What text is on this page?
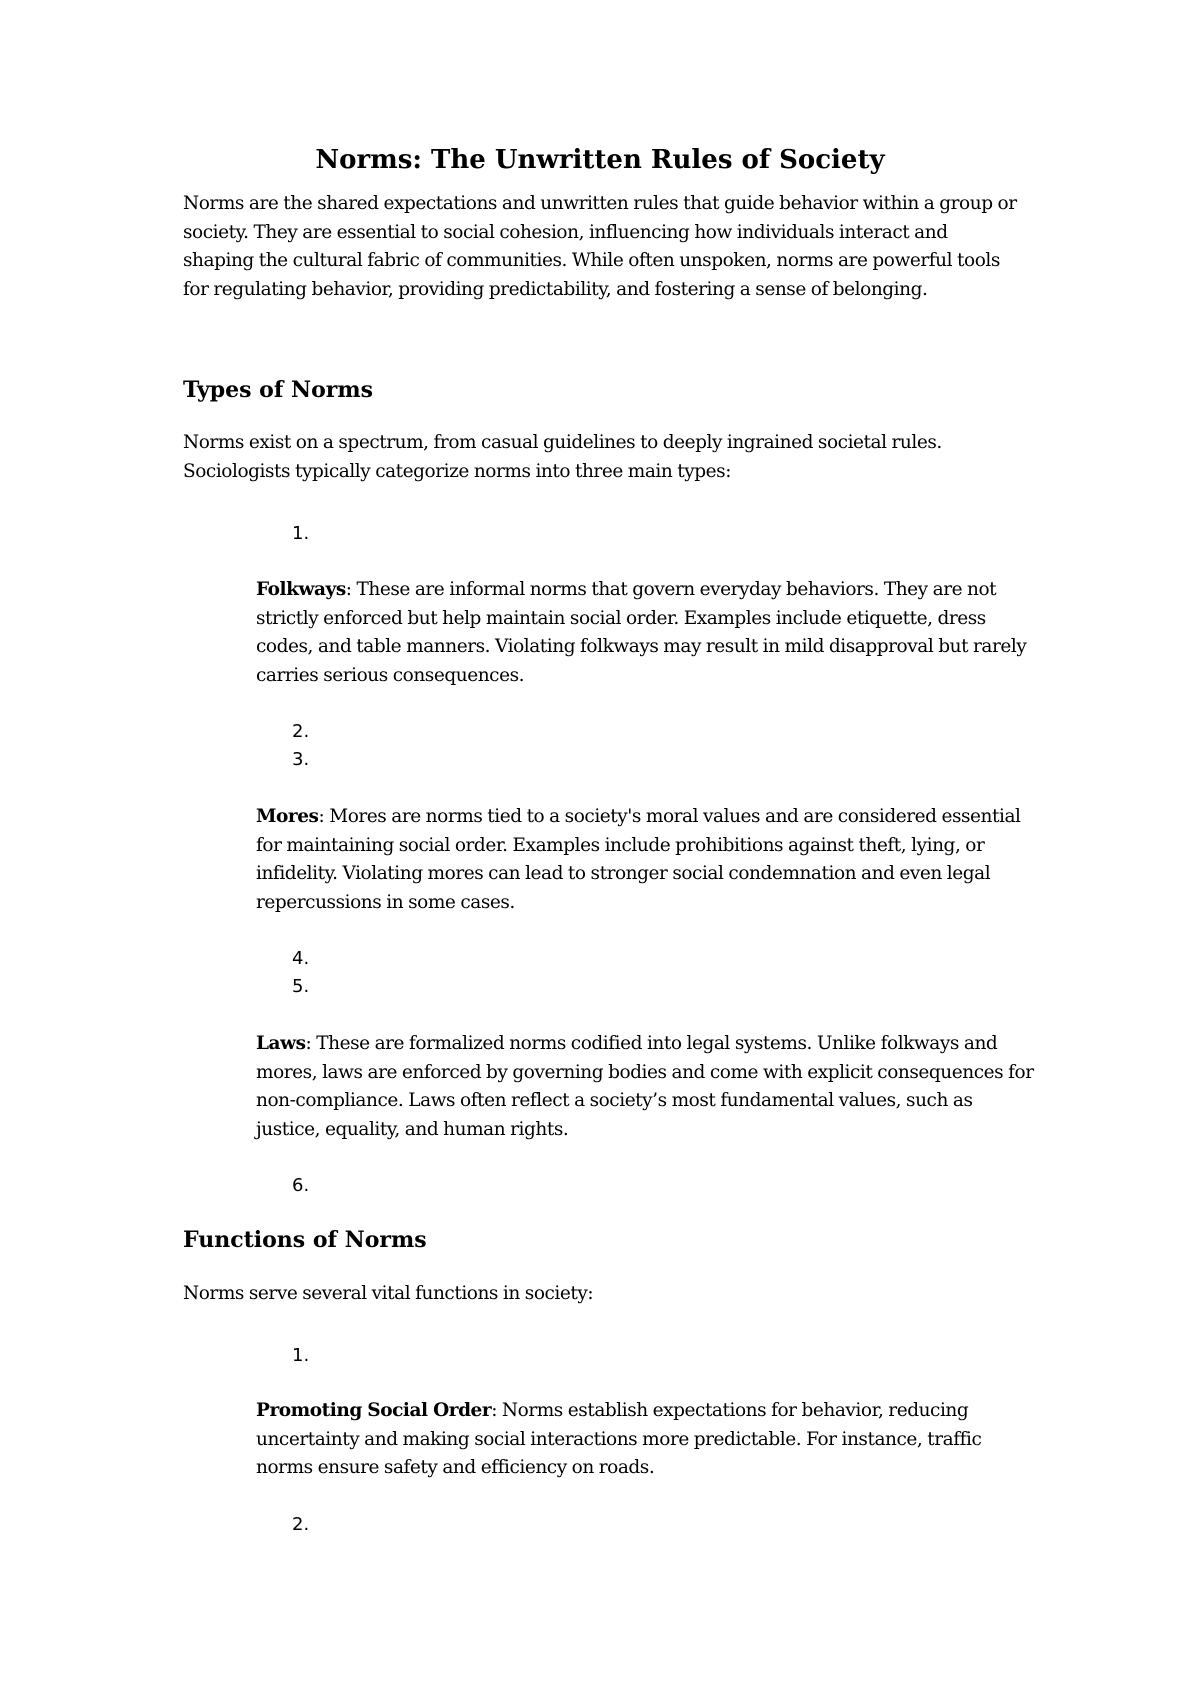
Norms: The Unwritten Rules of Society

Norms are the shared expectations and unwritten rules that guide behavior within a group or society. They are essential to social cohesion, influencing how individuals interact and shaping the cultural fabric of communities. While often unspoken, norms are powerful tools for regulating behavior, providing predictability, and fostering a sense of belonging.

Types of Norms

Norms exist on a spectrum, from casual guidelines to deeply ingrained societal rules. Sociologists typically categorize norms into three main types:

1.

Folkways: These are informal norms that govern everyday behaviors. They are not strictly enforced but help maintain social order. Examples include etiquette, dress codes, and table manners. Violating folkways may result in mild disapproval but rarely carries serious consequences.

2.
3.

Mores: Mores are norms tied to a society's moral values and are considered essential for maintaining social order. Examples include prohibitions against theft, lying, or infidelity. Violating mores can lead to stronger social condemnation and even legal repercussions in some cases.

4.
5.

Laws: These are formalized norms codified into legal systems. Unlike folkways and mores, laws are enforced by governing bodies and come with explicit consequences for non-compliance. Laws often reflect a society’s most fundamental values, such as justice, equality, and human rights.

6.
Functions of Norms

Norms serve several vital functions in society:

1.

Promoting Social Order: Norms establish expectations for behavior, reducing uncertainty and making social interactions more predictable. For instance, traffic norms ensure safety and efficiency on roads.

2.
